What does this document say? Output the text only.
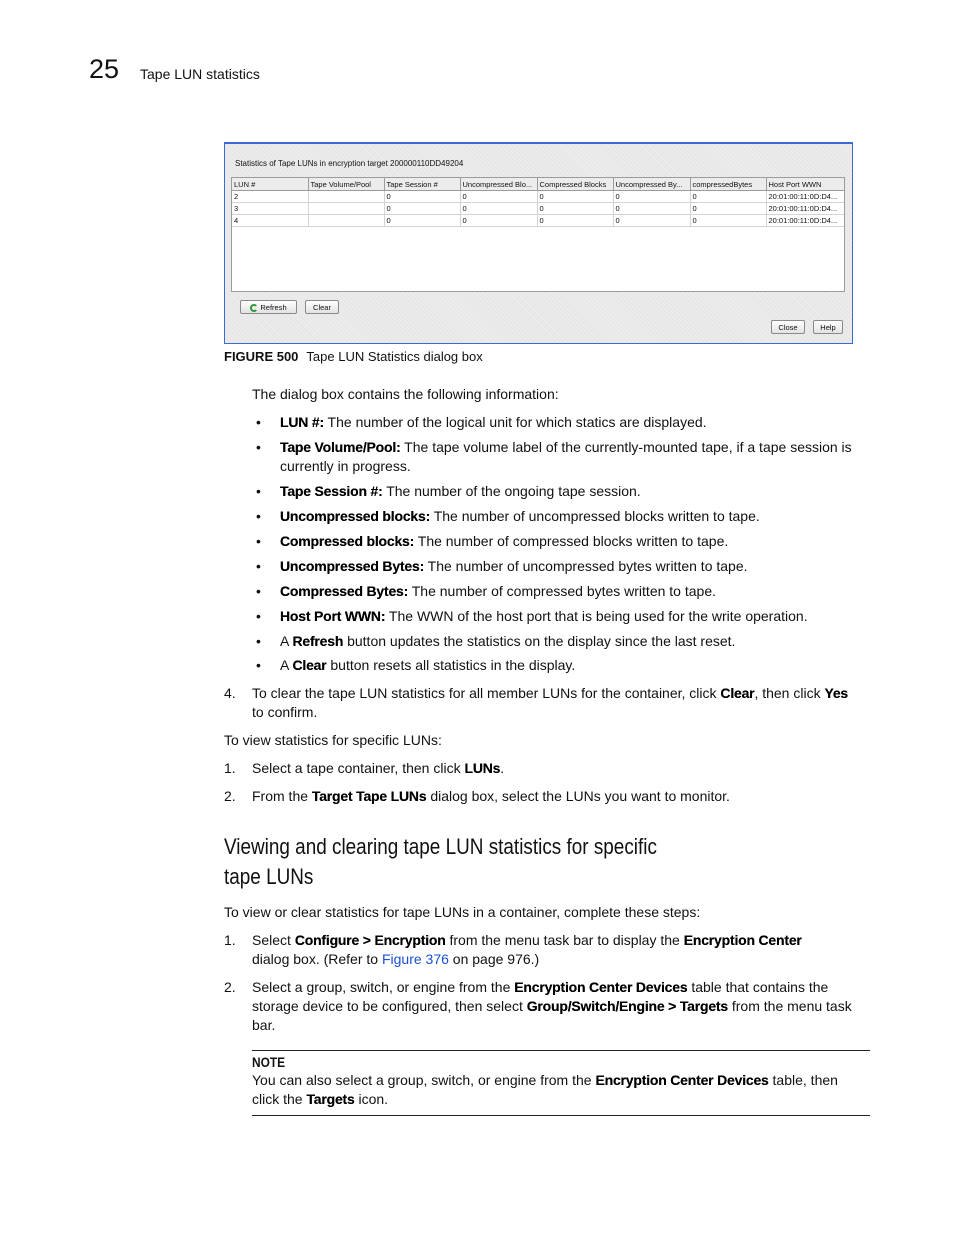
25 Tape LUN statistics
Statistics of Tape LUNs in encryption target 200000110DD49204
LUN #	Tape Volume/Pool	Tape Session #	Uncompressed Blo...	Compressed Blocks	Uncompressed By...	compressedBytes	Host Port WWN
2		0	0	0	0	0	20:01:00:11:0D:D4...
3		0	0	0	0	0	20:01:00:11:0D:D4...
4		0	0	0	0	0	20:01:00:11:0D:D4...
Refresh	Clear
Close	Help
FIGURE 500 Tape LUN Statistics dialog box
The dialog box contains the following information:
• LUN #: The number of the logical unit for which statics are displayed.
• Tape Volume/Pool: The tape volume label of the currently-mounted tape, if a tape session is currently in progress.
• Tape Session #: The number of the ongoing tape session.
• Uncompressed blocks: The number of uncompressed blocks written to tape.
• Compressed blocks: The number of compressed blocks written to tape.
• Uncompressed Bytes: The number of uncompressed bytes written to tape.
• Compressed Bytes: The number of compressed bytes written to tape.
• Host Port WWN: The WWN of the host port that is being used for the write operation.
• A Refresh button updates the statistics on the display since the last reset.
• A Clear button resets all statistics in the display.
4. To clear the tape LUN statistics for all member LUNs for the container, click Clear, then click Yes to confirm.
To view statistics for specific LUNs:
1. Select a tape container, then click LUNs.
2. From the Target Tape LUNs dialog box, select the LUNs you want to monitor.
Viewing and clearing tape LUN statistics for specific
tape LUNs
To view or clear statistics for tape LUNs in a container, complete these steps:
1. Select Configure > Encryption from the menu task bar to display the Encryption Center
dialog box. (Refer to Figure 376 on page 976.)
2. Select a group, switch, or engine from the Encryption Center Devices table that contains the storage device to be configured, then select Group/Switch/Engine > Targets from the menu task bar.
NOTE
You can also select a group, switch, or engine from the Encryption Center Devices table, then click the Targets icon.
